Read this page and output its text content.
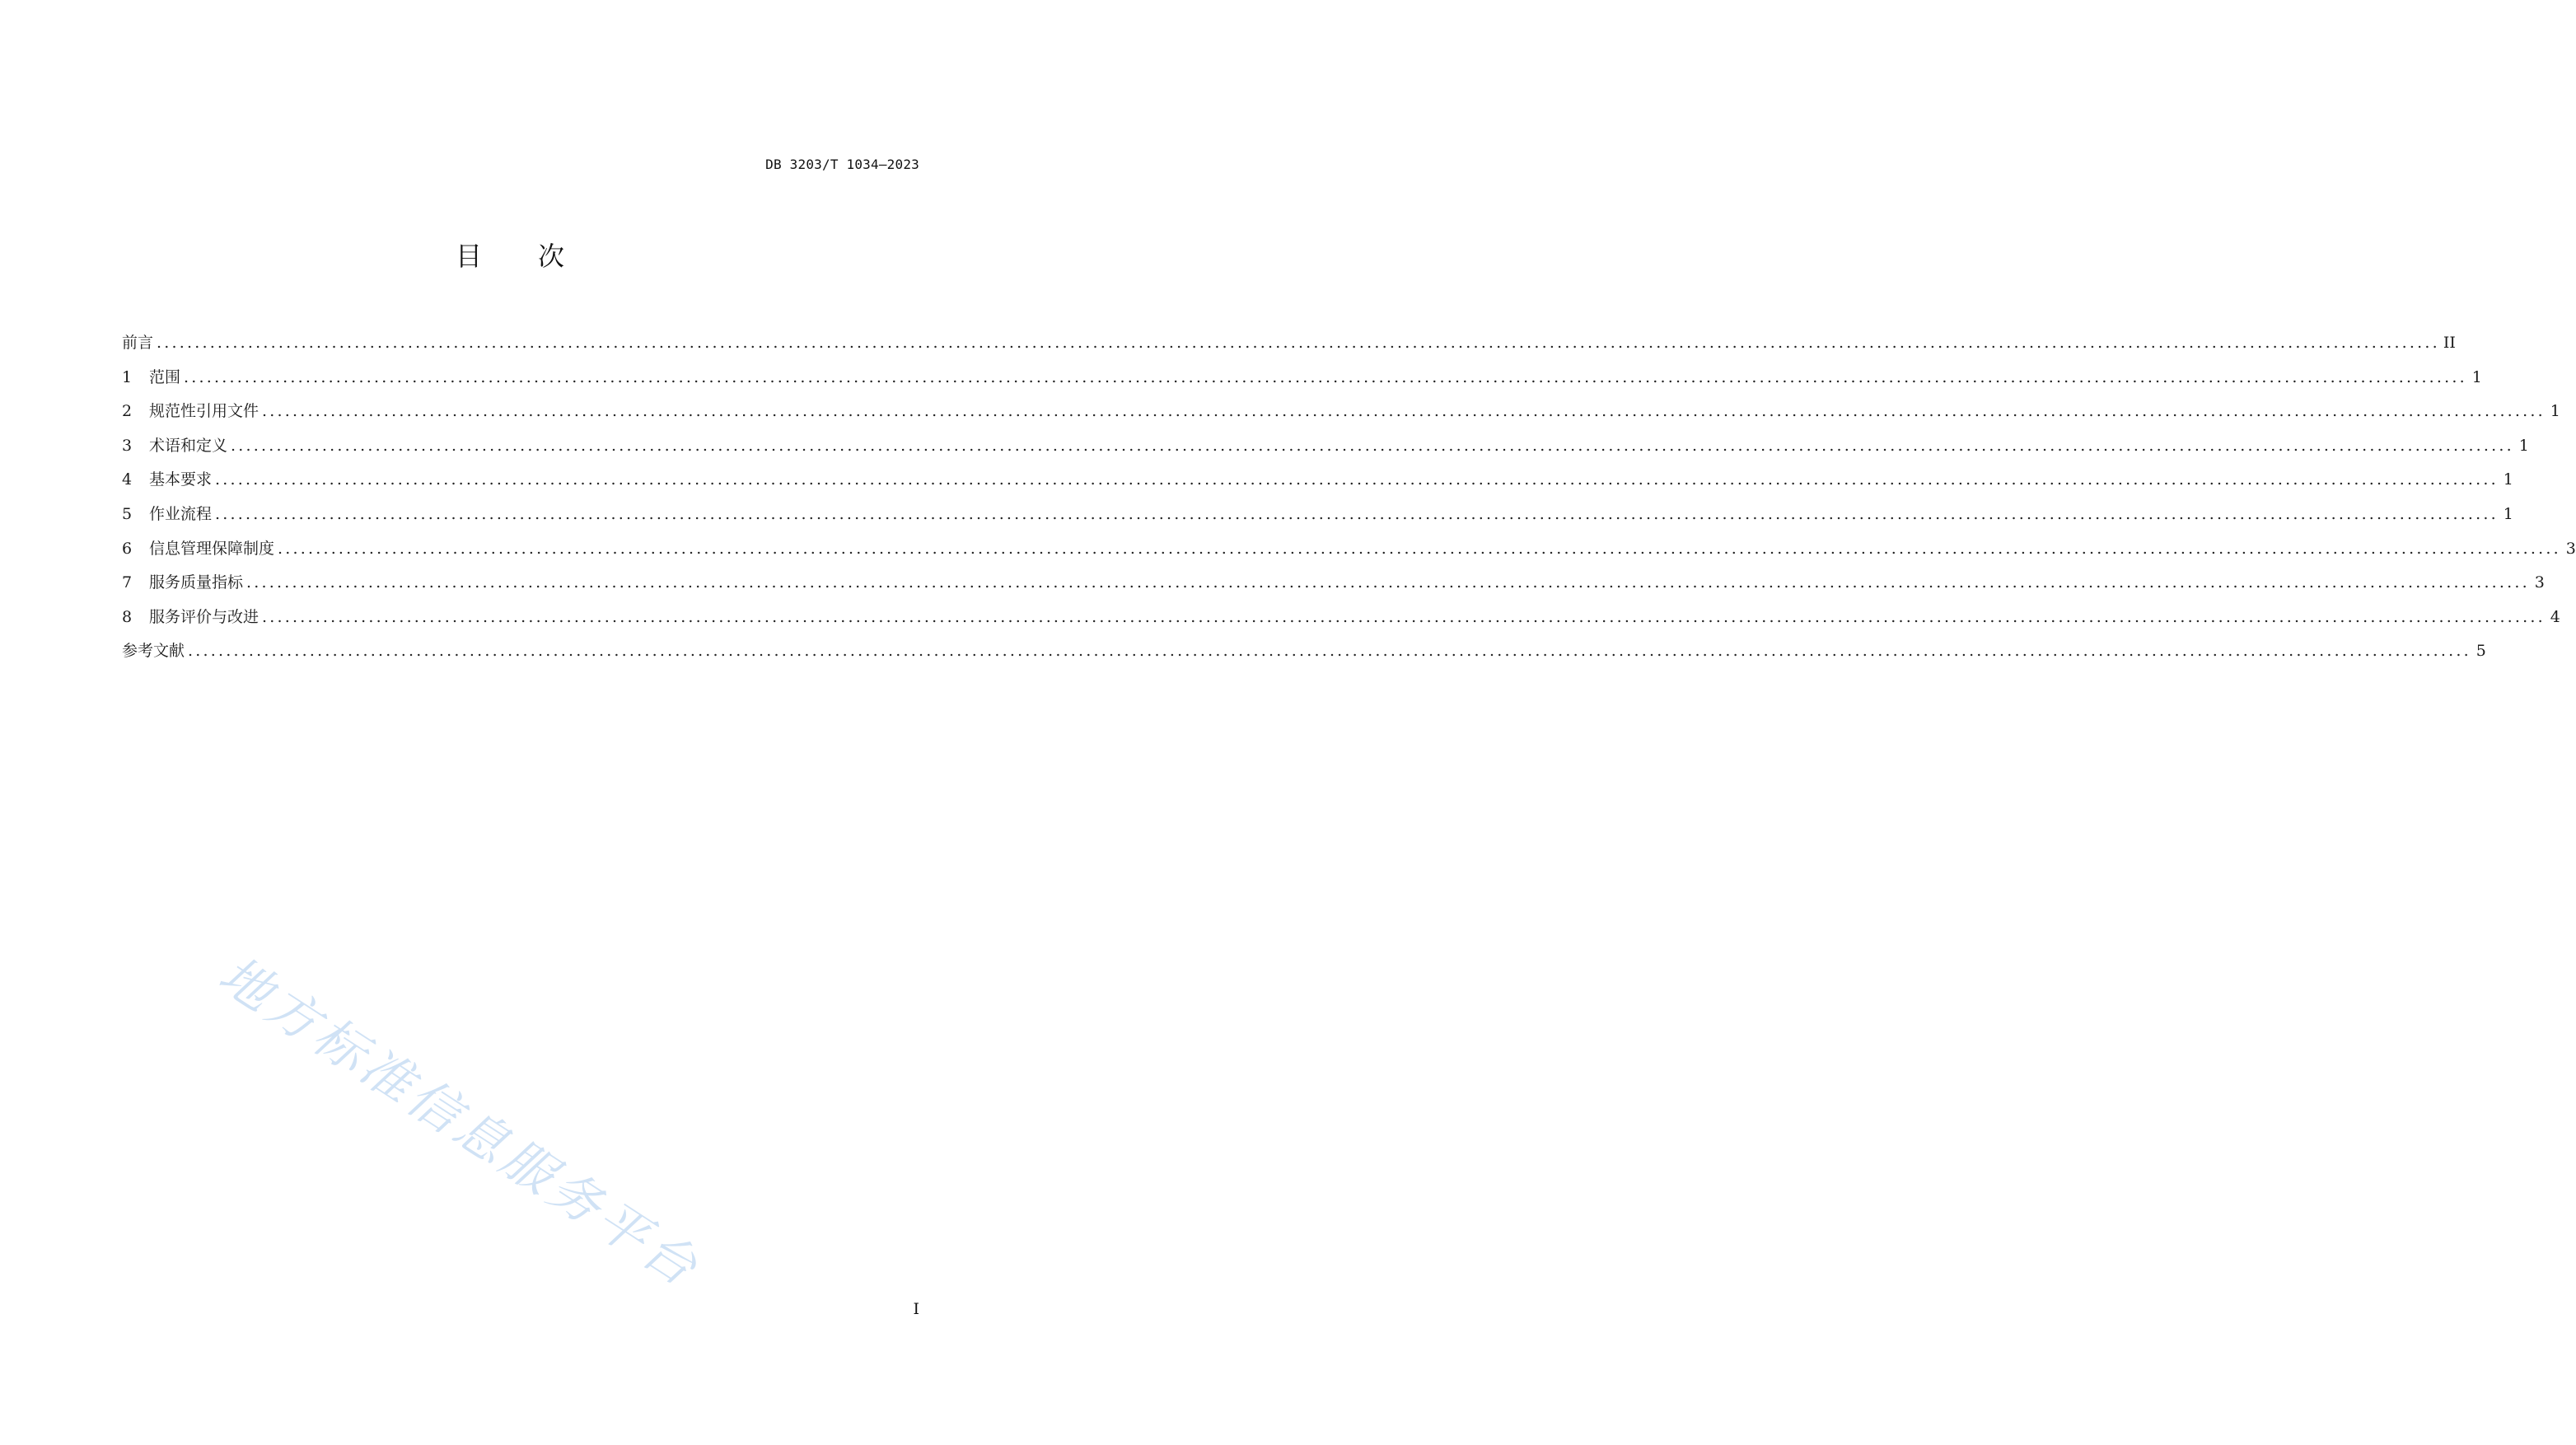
DB 3203/T 1034—2023
目 次
前言 ............................................................................................................................................................................................................................................................................................................ II
1	范围 ............................................................................................................................................................................................................................................................................................................ 1
2	规范性引用文件 ............................................................................................................................................................................................................................................................................................................ 1
3	术语和定义 ............................................................................................................................................................................................................................................................................................................ 1
4	基本要求 ............................................................................................................................................................................................................................................................................................................ 1
5	作业流程 ............................................................................................................................................................................................................................................................................................................ 1
6	信息管理保障制度 ............................................................................................................................................................................................................................................................................................................ 3
7	服务质量指标 ............................................................................................................................................................................................................................................................................................................ 3
8	服务评价与改进 ............................................................................................................................................................................................................................................................................................................ 4
参考文献 ............................................................................................................................................................................................................................................................................................................ 5
地方标准信息服务平台
I
